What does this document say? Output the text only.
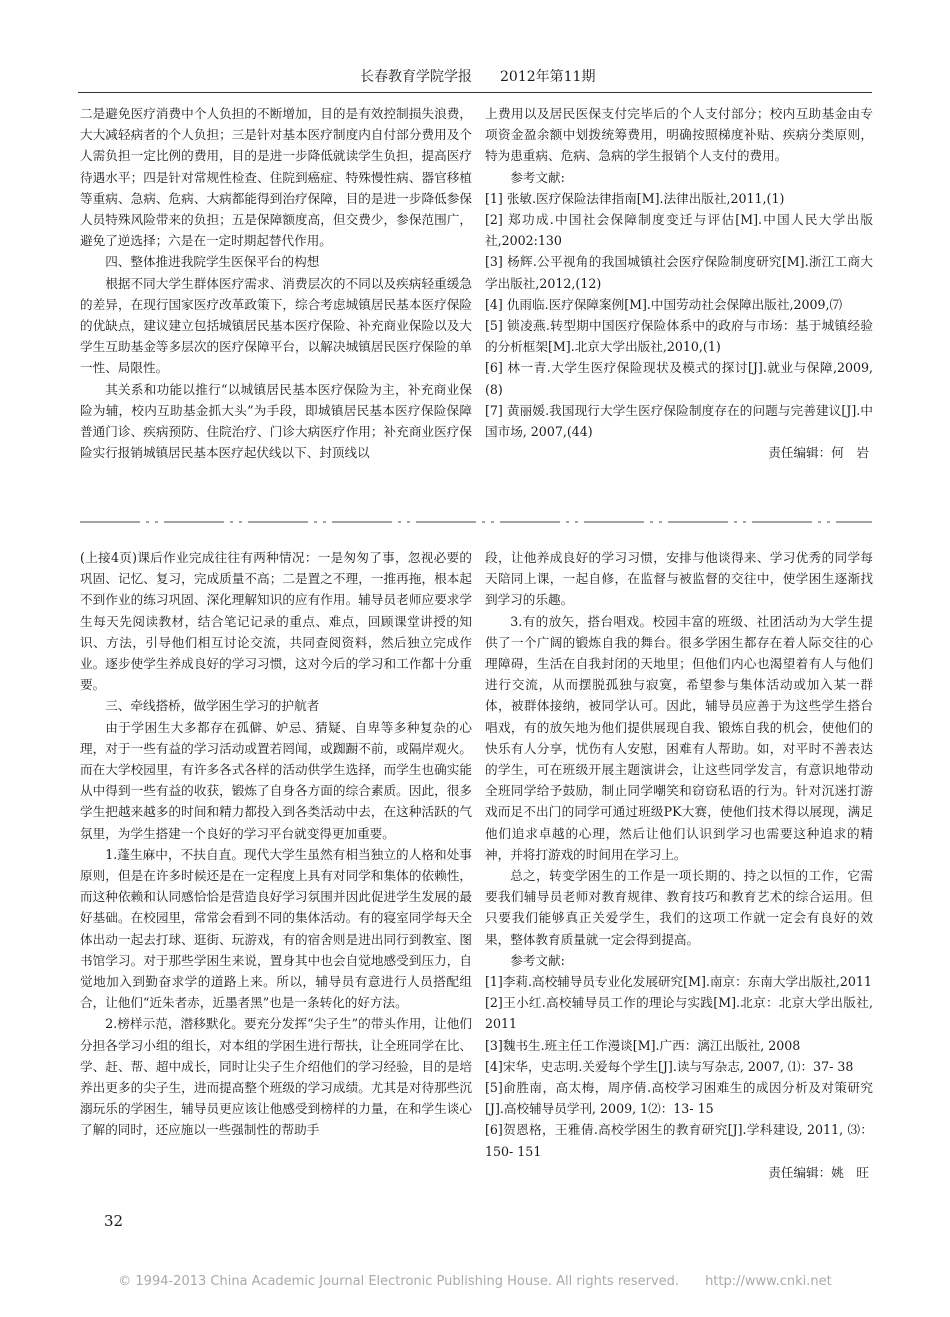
长春教育学院学报 2012年第11期

二是避免医疗消费中个人负担的不断增加，目的是有效控制损失浪费，大大减轻病者的个人负担；三是针对基本医疗制度内自付部分费用及个人需负担一定比例的费用，目的是进一步降低就读学生负担，提高医疗待遇水平；四是针对常规性检查、住院到癌症、特殊慢性病、器官移植等重病、急病、危病、大病都能得到治疗保障，目的是进一步降低参保人员特殊风险带来的负担；五是保障额度高，但交费少，参保范围广，避免了逆选择；六是在一定时期起替代作用。

四、整体推进我院学生医保平台的构想

根据不同大学生群体医疗需求、消费层次的不同以及疾病轻重缓急的差异，在现行国家医疗改革政策下，综合考虑城镇居民基本医疗保险的优缺点，建议建立包括城镇居民基本医疗保险、补充商业保险以及大学生互助基金等多层次的医疗保障平台，以解决城镇居民医疗保险的单一性、局限性。

其关系和功能以推行“以城镇居民基本医疗保险为主，补充商业保险为辅，校内互助基金抓大头”为手段，即城镇居民基本医疗保险保障普通门诊、疾病预防、住院治疗、门诊大病医疗作用；补充商业医疗保险实行报销城镇居民基本医疗起伏线以下、封顶线以

上费用以及居民医保支付完毕后的个人支付部分；校内互助基金由专项资金盈余额中划拨统筹费用，明确按照梯度补贴、疾病分类原则，特为患重病、危病、急病的学生报销个人支付的费用。

参考文献:

[1] 张敏.医疗保险法律指南[M].法律出版社,2011,(1)

[2] 郑功成.中国社会保障制度变迁与评估[M].中国人民大学出版社,2002:130

[3] 杨辉.公平视角的我国城镇社会医疗保险制度研究[M].浙江工商大学出版社,2012,(12)

[4] 仇雨临.医疗保障案例[M].中国劳动社会保障出版社,2009,⑺

[5] 锁凌燕.转型期中国医疗保险体系中的政府与市场：基于城镇经验的分析框架[M].北京大学出版社,2010,(1)

[6] 林一青.大学生医疗保险现状及模式的探讨[J].就业与保障,2009,(8)

[7] 黄丽媛.我国现行大学生医疗保险制度存在的问题与完善建议[J].中国市场, 2007,(44)

责任编辑：何　岩

(上接4页)课后作业完成往往有两种情况：一是匆匆了事，忽视必要的巩固、记忆、复习，完成质量不高；二是置之不理，一推再拖，根本起不到作业的练习巩固、深化理解知识的应有作用。辅导员老师应要求学生每天先阅读教材，结合笔记记录的重点、难点，回顾课堂讲授的知识、方法，引导他们相互讨论交流，共同查阅资料，然后独立完成作业。逐步使学生养成良好的学习习惯，这对今后的学习和工作都十分重要。

三、牵线搭桥，做学困生学习的护航者

由于学困生大多都存在孤僻、妒忌、猜疑、自卑等多种复杂的心理，对于一些有益的学习活动或置若罔闻，或踟蹰不前，或隔岸观火。而在大学校园里，有许多各式各样的活动供学生选择，而学生也确实能从中得到一些有益的收获，锻炼了自身各方面的综合素质。因此，很多学生把越来越多的时间和精力都投入到各类活动中去，在这种活跃的气氛里，为学生搭建一个良好的学习平台就变得更加重要。

1.蓬生麻中，不扶自直。现代大学生虽然有相当独立的人格和处事原则，但是在许多时候还是在一定程度上具有对同学和集体的依赖性，而这种依赖和认同感恰恰是营造良好学习氛围并因此促进学生发展的最好基础。在校园里，常常会看到不同的集体活动。有的寝室同学每天全体出动一起去打球、逛街、玩游戏，有的宿舍则是进出同行到教室、图书馆学习。对于那些学困生来说，置身其中也会自觉地感受到压力，自觉地加入到勤奋求学的道路上来。所以，辅导员有意进行人员搭配组合，让他们“近朱者赤，近墨者黑”也是一条转化的好方法。

2.榜样示范，潜移默化。要充分发挥“尖子生”的带头作用，让他们分担各学习小组的组长，对本组的学困生进行帮扶，让全班同学在比、学、赶、帮、超中成长，同时让尖子生介绍他们的学习经验，目的是培养出更多的尖子生，进而提高整个班级的学习成绩。尤其是对待那些沉溺玩乐的学困生，辅导员更应该让他感受到榜样的力量，在和学生谈心了解的同时，还应施以一些强制性的帮助手

段，让他养成良好的学习习惯，安排与他谈得来、学习优秀的同学每天陪同上课，一起自修，在监督与被监督的交往中，使学困生逐渐找到学习的乐趣。

3.有的放矢，搭台唱戏。校园丰富的班级、社团活动为大学生提供了一个广阔的锻炼自我的舞台。很多学困生都存在着人际交往的心理障碍，生活在自我封闭的天地里；但他们内心也渴望着有人与他们进行交流，从而摆脱孤独与寂寞，希望参与集体活动或加入某一群体，被群体接纳，被同学认可。因此，辅导员应善于为这些学生搭台唱戏，有的放矢地为他们提供展现自我、锻炼自我的机会，使他们的快乐有人分享，忧伤有人安慰，困难有人帮助。如，对平时不善表达的学生，可在班级开展主题演讲会，让这些同学发言，有意识地带动全班同学给予鼓励，制止同学嘲笑和窃窃私语的行为。针对沉迷打游戏而足不出门的同学可通过班级PK大赛，使他们技术得以展现，满足他们追求卓越的心理，然后让他们认识到学习也需要这种追求的精神，并将打游戏的时间用在学习上。

总之，转变学困生的工作是一项长期的、持之以恒的工作，它需要我们辅导员老师对教育规律、教育技巧和教育艺术的综合运用。但只要我们能够真正关爱学生，我们的这项工作就一定会有良好的效果，整体教育质量就一定会得到提高。

参考文献:

[1]李莉.高校辅导员专业化发展研究[M].南京：东南大学出版社,2011

[2]王小红.高校辅导员工作的理论与实践[M].北京：北京大学出版社, 2011

[3]魏书生.班主任工作漫谈[M].广西：漓江出版社, 2008

[4]宋华，史志明.关爱每个学生[J].读与写杂志, 2007, ⑴：37- 38

[5]俞胜南，高太梅，周序倩.高校学习困难生的成因分析及对策研究[J].高校辅导员学刊, 2009, 1⑵：13- 15

[6]贺恩格，王雅倩.高校学困生的教育研究[J].学科建设, 2011, ⑶：150- 151

责任编辑：姚　旺

32
© 1994-2013 China Academic Journal Electronic Publishing House. All rights reserved.　　http://www.cnki.net
